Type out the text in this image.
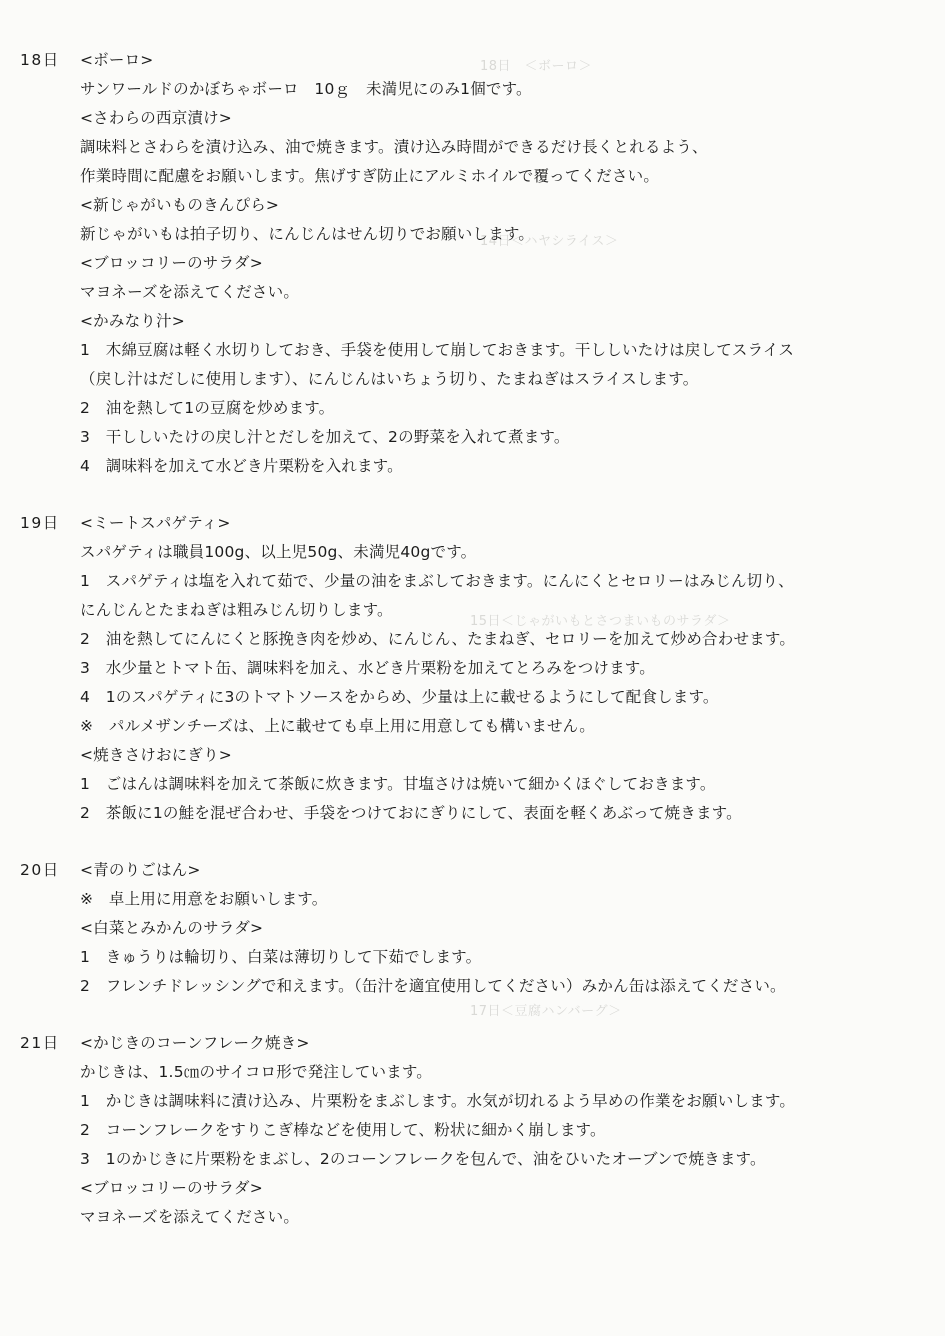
18日　＜ボーロ＞
14日＜ハヤシライス＞
15日＜じゃがいもとさつまいものサラダ＞
17日＜豆腐ハンバーグ＞
18日 <ボーロ>
サンワールドのかぼちゃボーロ　10ｇ　未満児にのみ1個です。
<さわらの西京漬け>
調味料とさわらを漬け込み、油で焼きます。漬け込み時間ができるだけ長くとれるよう、
作業時間に配慮をお願いします。焦げすぎ防止にアルミホイルで覆ってください。
<新じゃがいものきんぴら>
新じゃがいもは拍子切り、にんじんはせん切りでお願いします。
<ブロッコリーのサラダ>
マヨネーズを添えてください。
<かみなり汁>
1　木綿豆腐は軽く水切りしておき、手袋を使用して崩しておきます。干ししいたけは戻してスライス
（戻し汁はだしに使用します）、にんじんはいちょう切り、たまねぎはスライスします。
2　油を熱して1の豆腐を炒めます。
3　干ししいたけの戻し汁とだしを加えて、2の野菜を入れて煮ます。
4　調味料を加えて水どき片栗粉を入れます。
19日 <ミートスパゲティ>
スパゲティは職員100g、以上児50g、未満児40gです。
1　スパゲティは塩を入れて茹で、少量の油をまぶしておきます。にんにくとセロリーはみじん切り、
にんじんとたまねぎは粗みじん切りします。
2　油を熱してにんにくと豚挽き肉を炒め、にんじん、たまねぎ、セロリーを加えて炒め合わせます。
3　水少量とトマト缶、調味料を加え、水どき片栗粉を加えてとろみをつけます。
4　1のスパゲティに3のトマトソースをからめ、少量は上に載せるようにして配食します。
※　パルメザンチーズは、上に載せても卓上用に用意しても構いません。
<焼きさけおにぎり>
1　ごはんは調味料を加えて茶飯に炊きます。甘塩さけは焼いて細かくほぐしておきます。
2　茶飯に1の鮭を混ぜ合わせ、手袋をつけておにぎりにして、表面を軽くあぶって焼きます。
20日 <青のりごはん>
※　卓上用に用意をお願いします。
<白菜とみかんのサラダ>
1　きゅうりは輪切り、白菜は薄切りして下茹でします。
2　フレンチドレッシングで和えます。（缶汁を適宜使用してください）みかん缶は添えてください。
21日 <かじきのコーンフレーク焼き>
かじきは、1.5㎝のサイコロ形で発注しています。
1　かじきは調味料に漬け込み、片栗粉をまぶします。水気が切れるよう早めの作業をお願いします。
2　コーンフレークをすりこぎ棒などを使用して、粉状に細かく崩します。
3　1のかじきに片栗粉をまぶし、2のコーンフレークを包んで、油をひいたオーブンで焼きます。
<ブロッコリーのサラダ>
マヨネーズを添えてください。
